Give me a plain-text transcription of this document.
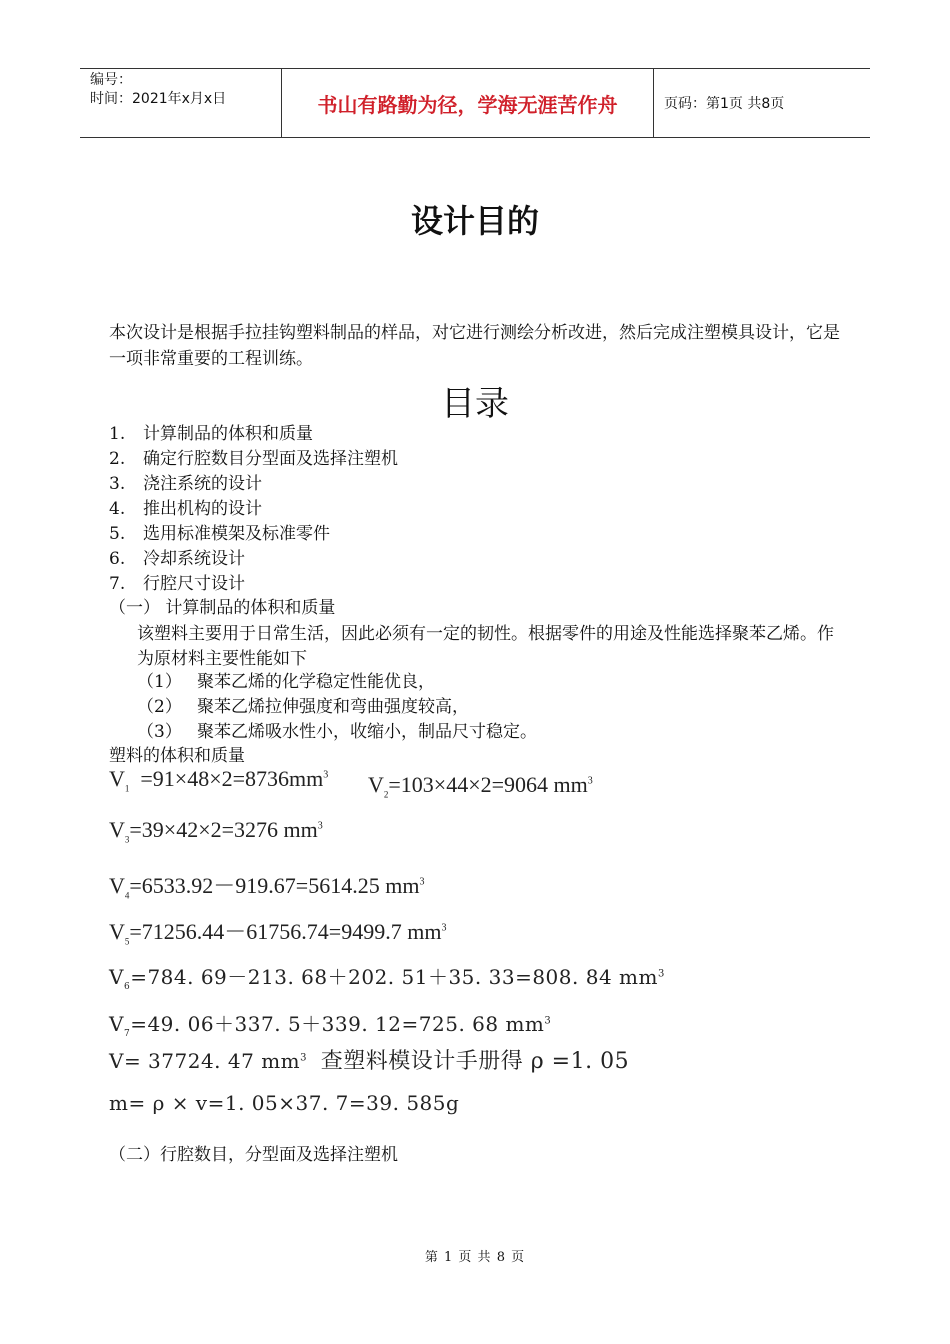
编号：
时间：2021年x月x日	书山有路勤为径，学海无涯苦作舟	页码：第1页 共8页
设计目的
本次设计是根据手拉挂钩塑料制品的样品，对它进行测绘分析改进，然后完成注塑模具设计，它是一项非常重要的工程训练。
目录
1.	计算制品的体积和质量
2.	确定行腔数目分型面及选择注塑机
3.	浇注系统的设计
4.	推出机构的设计
5.	选用标准模架及标准零件
6.	冷却系统设计
7.	行腔尺寸设计
（一） 计算制品的体积和质量
该塑料主要用于日常生活，因此必须有一定的韧性。根据零件的用途及性能选择聚苯乙烯。作为原材料主要性能如下
（1） 聚苯乙烯的化学稳定性能优良，
（2） 聚苯乙烯拉伸强度和弯曲强度较高，
（3） 聚苯乙烯吸水性小，收缩小，制品尺寸稳定。
塑料的体积和质量
$V_1 =91\times 48\times 2=8736mm^3$ $V_2=103\times 44\times 2=9064$ $mm^3$
$V_3=39\times 42\times 2=3276$ $mm^3$
$V_4=6533.92-919.67=5614.25$ $mm^3$
$V_5=71256.44-61756.74=9499.7$ $mm^3$
$V_6=784$. 69－213. 68＋202. 51＋35. 33=808. 84 $mm^3$
$V_7=49$. 06＋337. 5＋339. 12=725. 68 $mm^3$
V= 37724. 47 $mm^3$ 查塑料模设计手册得 ρ =1. 05
m= ρ × v=1. 05×37. 7=39. 585g
（二）行腔数目，分型面及选择注塑机
第 1 页 共 8 页
